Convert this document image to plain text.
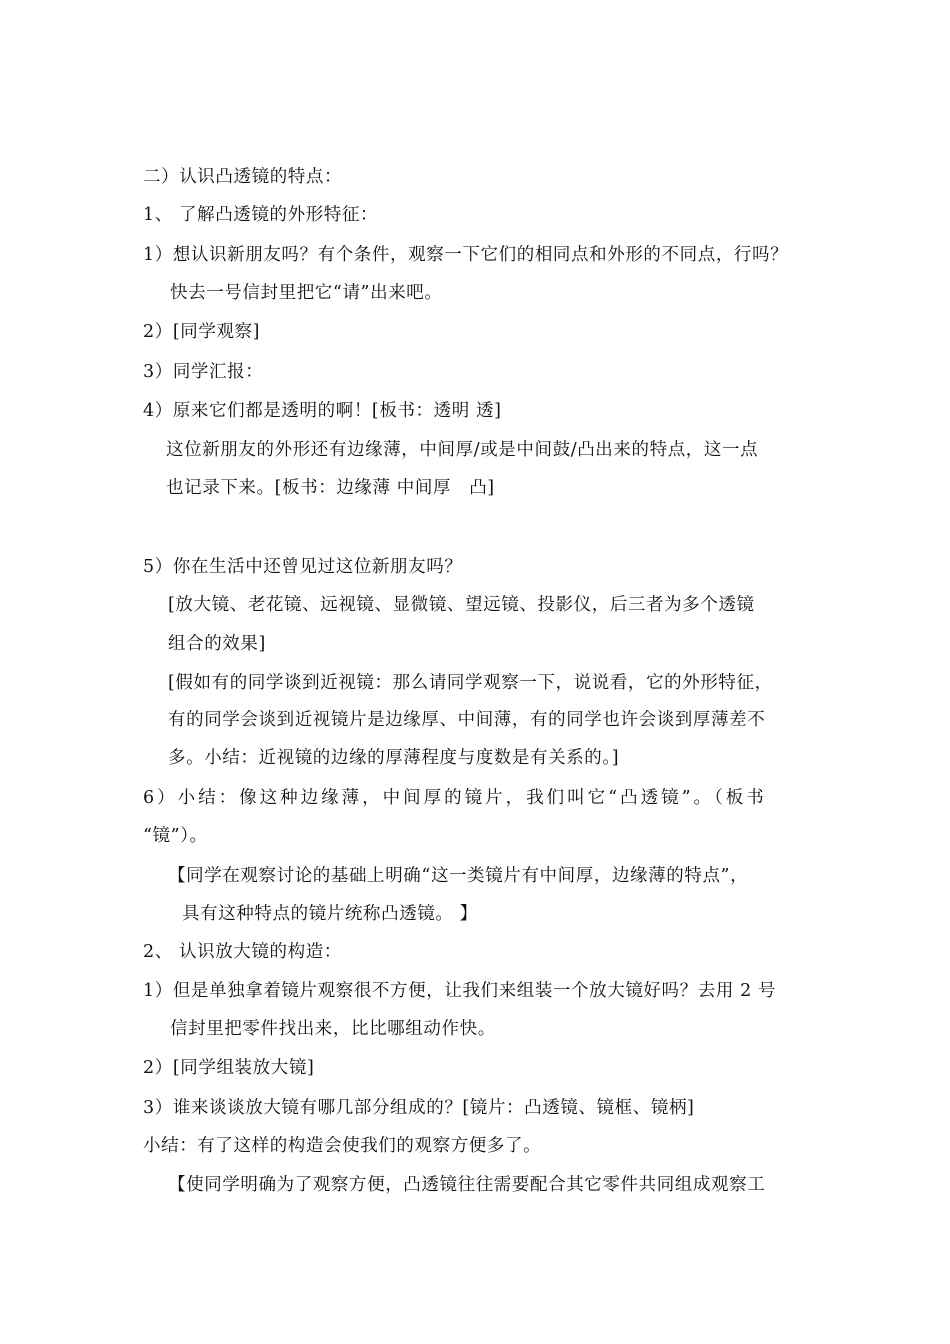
二）认识凸透镜的特点：
1、 了解凸透镜的外形特征：
1）想认识新朋友吗？有个条件，观察一下它们的相同点和外形的不同点，行吗？
快去一号信封里把它“请”出来吧。
2）[同学观察]
3）同学汇报：
4）原来它们都是透明的啊！[板书：透明 透]
这位新朋友的外形还有边缘薄，中间厚/或是中间鼓/凸出来的特点，这一点
也记录下来。[板书：边缘薄 中间厚　凸]
5）你在生活中还曾见过这位新朋友吗？
[放大镜、老花镜、远视镜、显微镜、望远镜、投影仪，后三者为多个透镜
组合的效果]
[假如有的同学谈到近视镜：那么请同学观察一下，说说看，它的外形特征，
有的同学会谈到近视镜片是边缘厚、中间薄，有的同学也许会谈到厚薄差不
多。小结：近视镜的边缘的厚薄程度与度数是有关系的。]
6）小结：像这种边缘薄，中间厚的镜片，我们叫它“凸透镜”。（板书
“镜”）。
【同学在观察讨论的基础上明确“这一类镜片有中间厚，边缘薄的特点”，
具有这种特点的镜片统称凸透镜。 】
2、 认识放大镜的构造：
1）但是单独拿着镜片观察很不方便，让我们来组装一个放大镜好吗？去用 2 号
信封里把零件找出来，比比哪组动作快。
2）[同学组装放大镜]
3）谁来谈谈放大镜有哪几部分组成的？[镜片：凸透镜、镜框、镜柄]
小结：有了这样的构造会使我们的观察方便多了。
【使同学明确为了观察方便，凸透镜往往需要配合其它零件共同组成观察工
